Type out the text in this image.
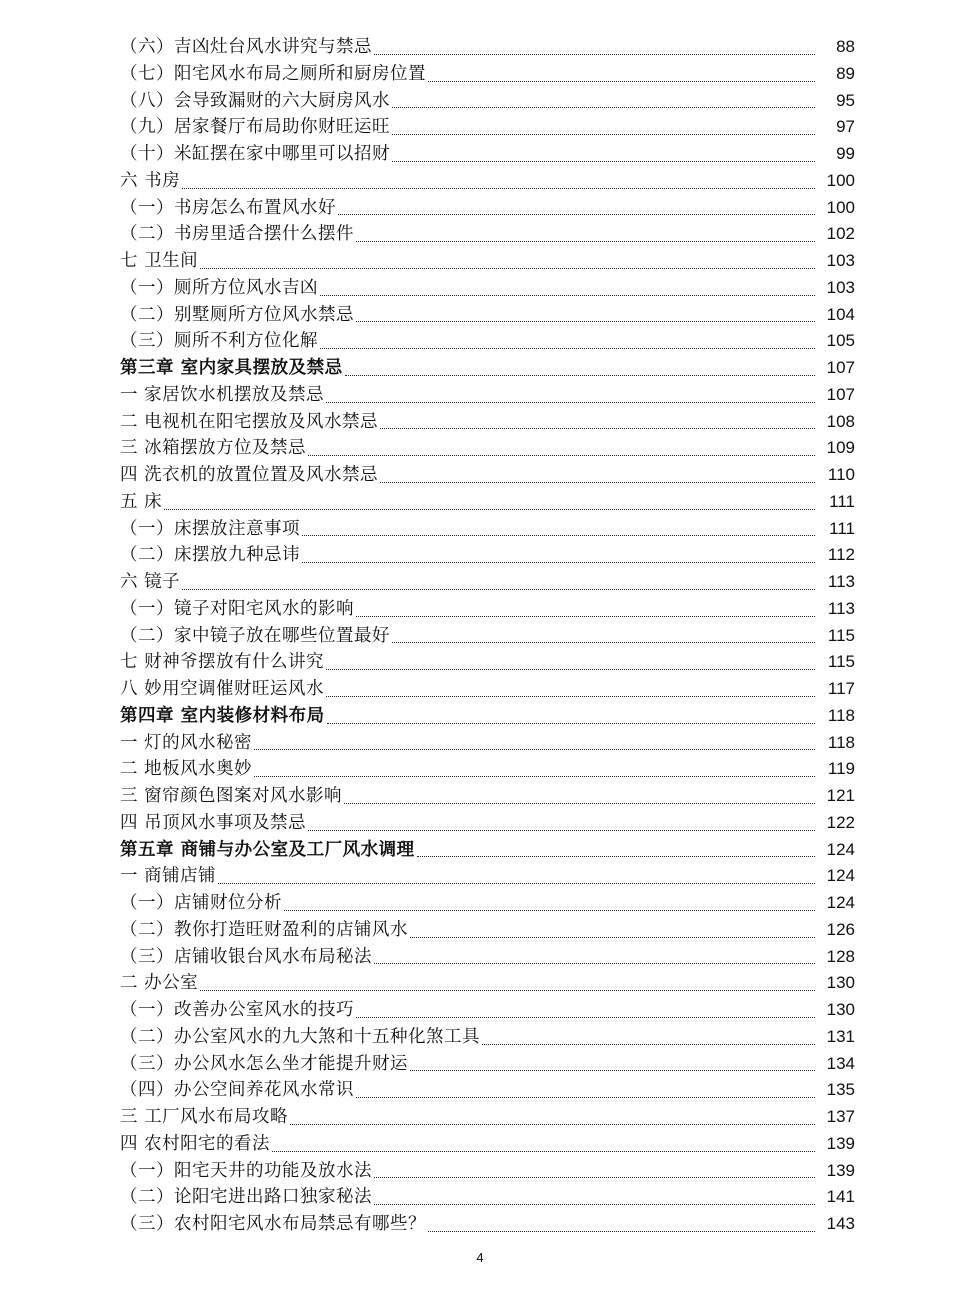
（六）吉凶灶台风水讲究与禁忌	88
（七）阳宅风水布局之厕所和厨房位置	89
（八）会导致漏财的六大厨房风水	95
（九）居家餐厅布局助你财旺运旺	97
（十）米缸摆在家中哪里可以招财	99
六 书房	100
（一）书房怎么布置风水好	100
（二）书房里适合摆什么摆件	102
七 卫生间	103
（一）厕所方位风水吉凶	103
（二）别墅厕所方位风水禁忌	104
（三）厕所不利方位化解	105
第三章 室内家具摆放及禁忌	107
一 家居饮水机摆放及禁忌	107
二 电视机在阳宅摆放及风水禁忌	108
三 冰箱摆放方位及禁忌	109
四 洗衣机的放置位置及风水禁忌	110
五 床	111
（一）床摆放注意事项	111
（二）床摆放九种忌讳	112
六 镜子	113
（一）镜子对阳宅风水的影响	113
（二）家中镜子放在哪些位置最好	115
七 财神爷摆放有什么讲究	115
八 妙用空调催财旺运风水	117
第四章 室内装修材料布局	118
一 灯的风水秘密	118
二 地板风水奥妙	119
三 窗帘颜色图案对风水影响	121
四 吊顶风水事项及禁忌	122
第五章 商铺与办公室及工厂风水调理	124
一 商铺店铺	124
（一）店铺财位分析	124
（二）教你打造旺财盈利的店铺风水	126
（三）店铺收银台风水布局秘法	128
二 办公室	130
（一）改善办公室风水的技巧	130
（二）办公室风水的九大煞和十五种化煞工具	131
（三）办公风水怎么坐才能提升财运	134
（四）办公空间养花风水常识	135
三 工厂风水布局攻略	137
四 农村阳宅的看法	139
（一）阳宅天井的功能及放水法	139
（二）论阳宅进出路口独家秘法	141
（三）农村阳宅风水布局禁忌有哪些？	143
4
